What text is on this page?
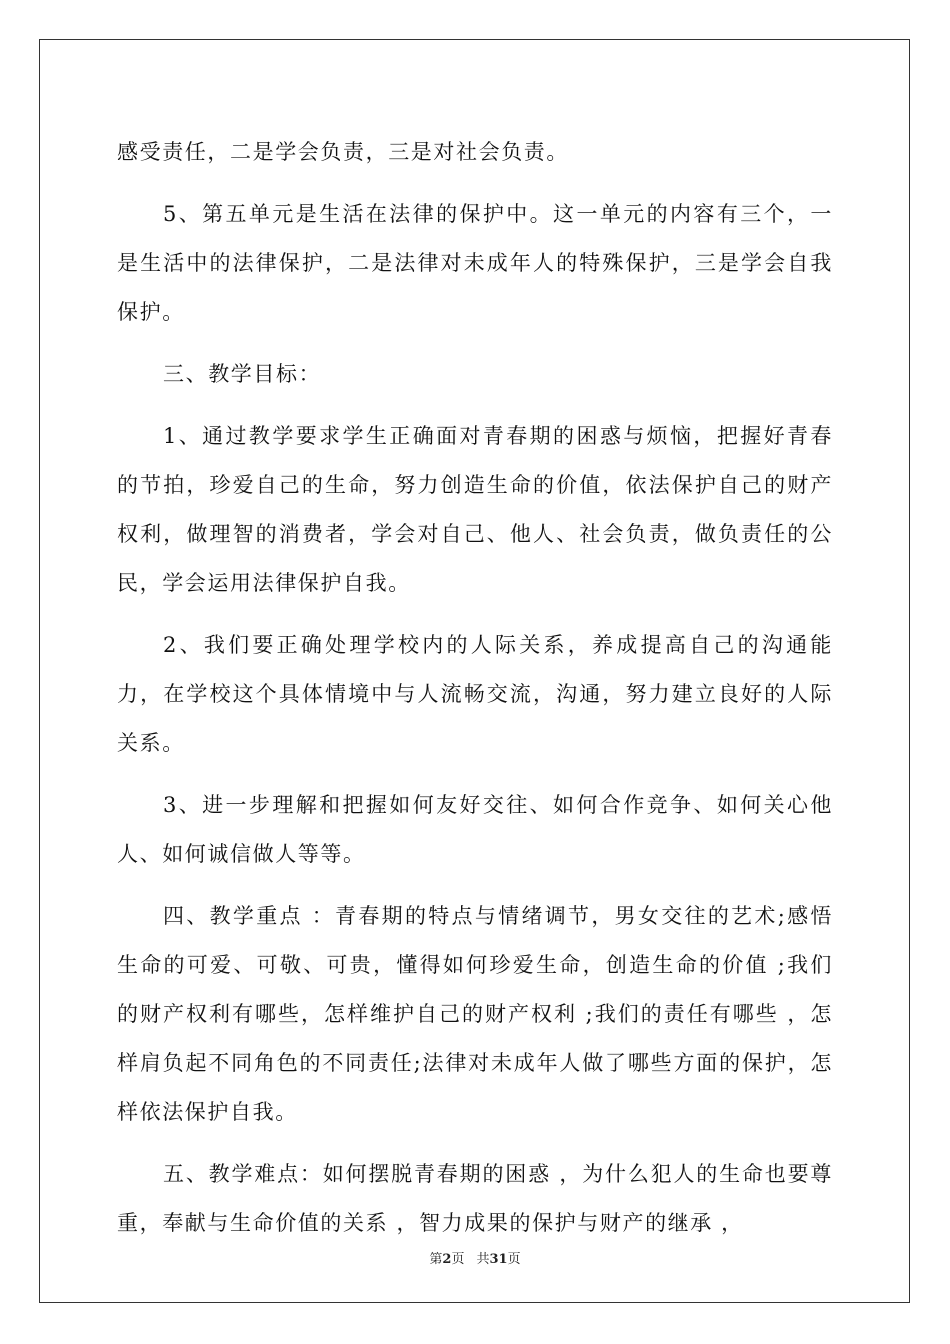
感受责任，二是学会负责，三是对社会负责。

5、第五单元是生活在法律的保护中。这一单元的内容有三个，一是生活中的法律保护，二是法律对未成年人的特殊保护，三是学会自我保护。

三、教学目标：

1、通过教学要求学生正确面对青春期的困惑与烦恼，把握好青春的节拍，珍爱自己的生命，努力创造生命的价值，依法保护自己的财产权利，做理智的消费者，学会对自己、他人、社会负责，做负责任的公民，学会运用法律保护自我。

2、我们要正确处理学校内的人际关系，养成提高自己的沟通能力，在学校这个具体情境中与人流畅交流，沟通，努力建立良好的人际关系。

3、进一步理解和把握如何友好交往、如何合作竞争、如何关心他人、如何诚信做人等等。

四、教学重点 ：青春期的特点与情绪调节，男女交往的艺术;感悟生命的可爱、可敬、可贵，懂得如何珍爱生命，创造生命的价值 ;我们的财产权利有哪些，怎样维护自己的财产权利 ;我们的责任有哪些 ，怎样肩负起不同角色的不同责任;法律对未成年人做了哪些方面的保护，怎样依法保护自我。

五、教学难点：如何摆脱青春期的困惑 ，为什么犯人的生命也要尊重，奉献与生命价值的关系 ，智力成果的保护与财产的继承 ，

第2页 共31页
